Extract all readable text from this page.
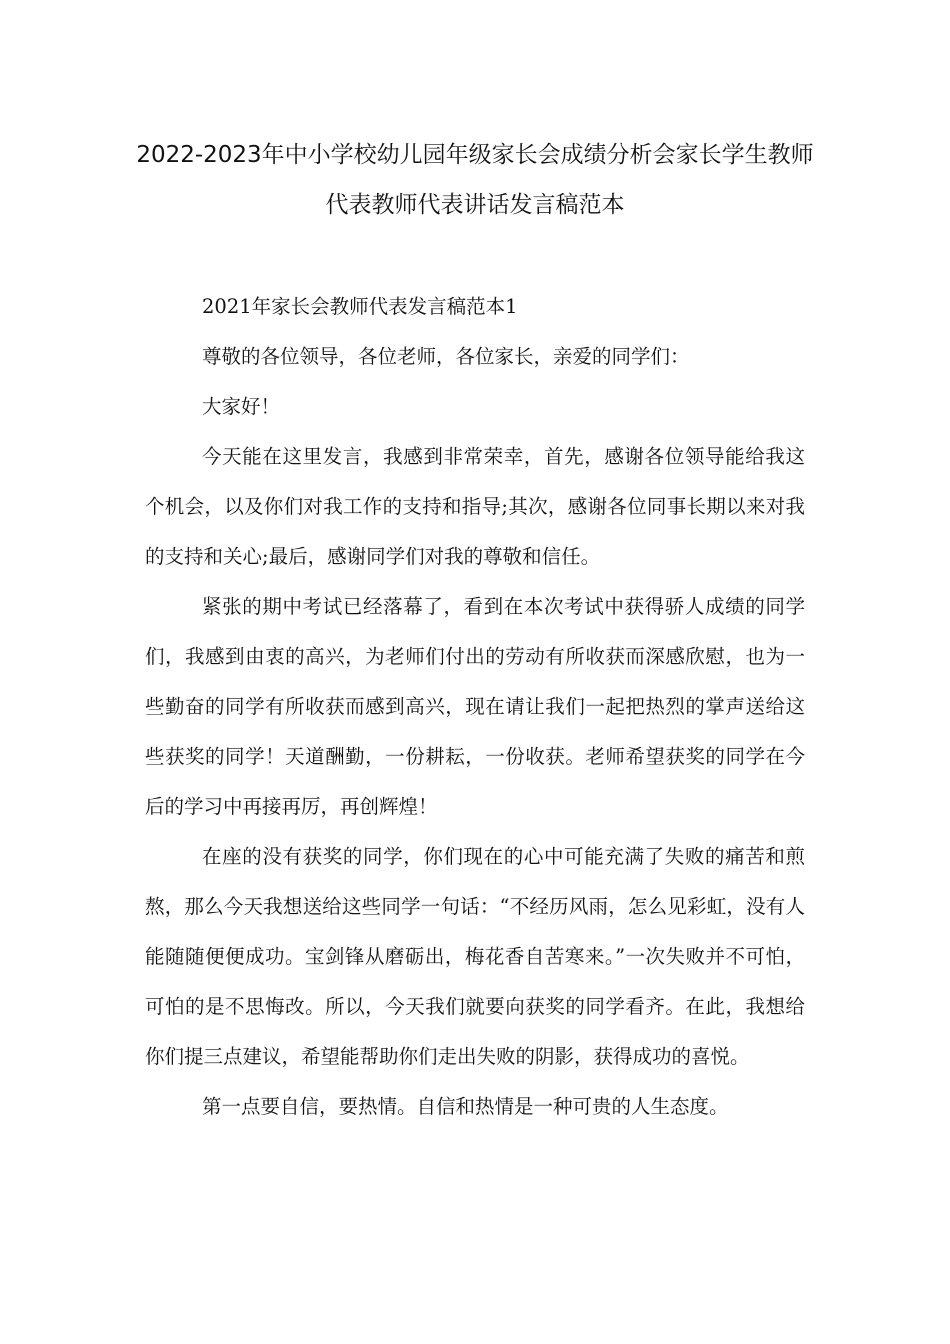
2022-2023年中小学校幼儿园年级家长会成绩分析会家长学生教师
代表教师代表讲话发言稿范本

2021年家长会教师代表发言稿范本1

尊敬的各位领导，各位老师，各位家长，亲爱的同学们：

大家好！

今天能在这里发言，我感到非常荣幸，首先，感谢各位领导能给我这个机会，以及你们对我工作的支持和指导;其次，感谢各位同事长期以来对我的支持和关心;最后，感谢同学们对我的尊敬和信任。

紧张的期中考试已经落幕了，看到在本次考试中获得骄人成绩的同学们，我感到由衷的高兴，为老师们付出的劳动有所收获而深感欣慰，也为一些勤奋的同学有所收获而感到高兴，现在请让我们一起把热烈的掌声送给这些获奖的同学！天道酬勤，一份耕耘，一份收获。老师希望获奖的同学在今后的学习中再接再厉，再创辉煌！

在座的没有获奖的同学，你们现在的心中可能充满了失败的痛苦和煎熬，那么今天我想送给这些同学一句话：“不经历风雨，怎么见彩虹，没有人能随随便便成功。宝剑锋从磨砺出，梅花香自苦寒来。”一次失败并不可怕，可怕的是不思悔改。所以，今天我们就要向获奖的同学看齐。在此，我想给你们提三点建议，希望能帮助你们走出失败的阴影，获得成功的喜悦。

第一点要自信，要热情。自信和热情是一种可贵的人生态度。
